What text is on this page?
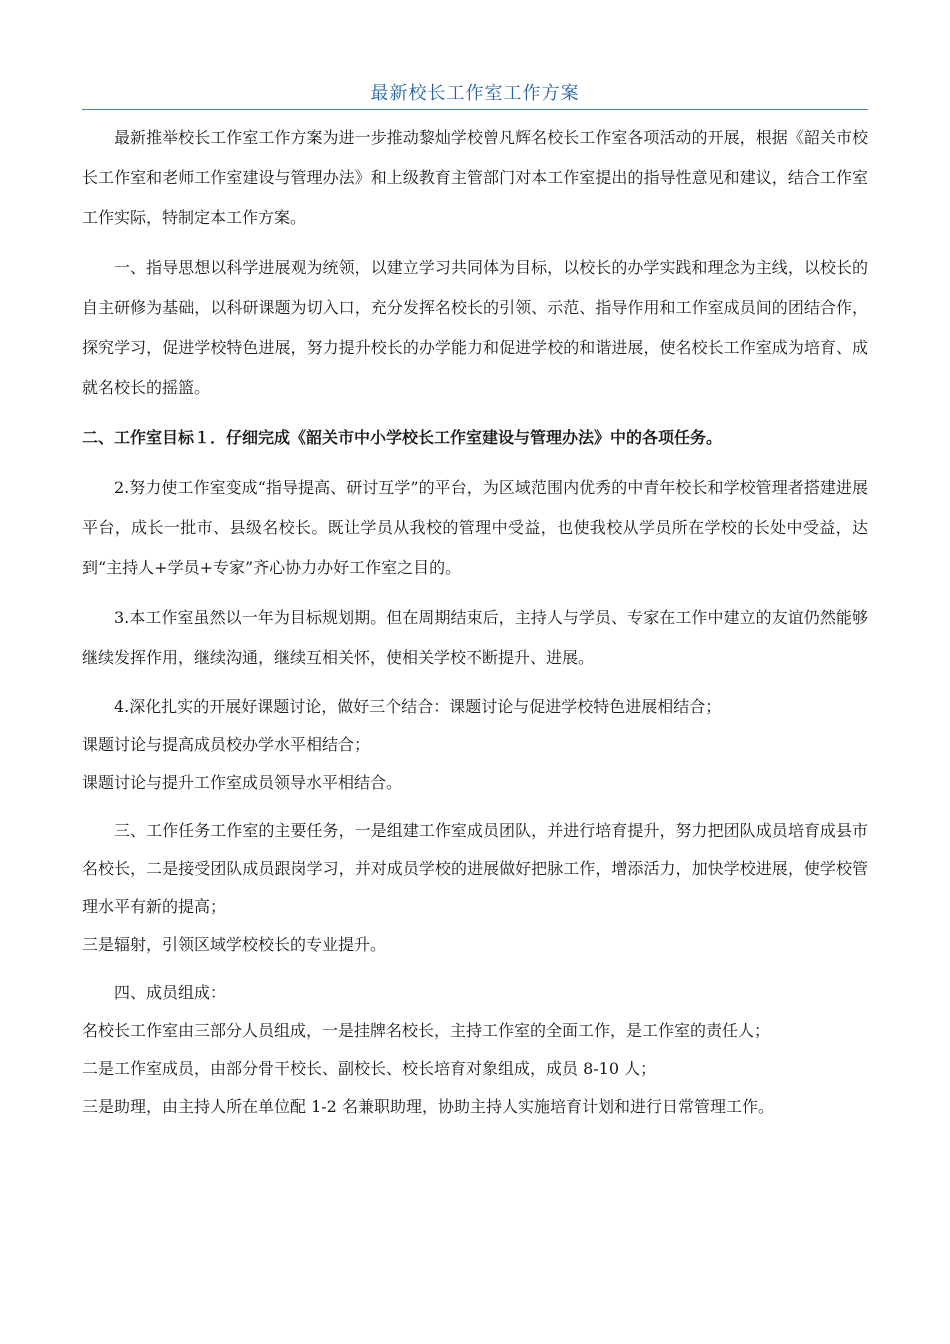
最新校长工作室工作方案

最新推举校长工作室工作方案为进一步推动黎灿学校曾凡辉名校长工作室各项活动的开展，根据《韶关市校长工作室和老师工作室建设与管理办法》和上级教育主管部门对本工作室提出的指导性意见和建议，结合工作室工作实际，特制定本工作方案。

一、指导思想以科学进展观为统领，以建立学习共同体为目标，以校长的办学实践和理念为主线，以校长的自主研修为基础，以科研课题为切入口，充分发挥名校长的引领、示范、指导作用和工作室成员间的团结合作，探究学习，促进学校特色进展，努力提升校长的办学能力和促进学校的和谐进展，使名校长工作室成为培育、成就名校长的摇篮。

二、工作室目标１．仔细完成《韶关市中小学校长工作室建设与管理办法》中的各项任务。

2.努力使工作室变成“指导提高、研讨互学”的平台，为区域范围内优秀的中青年校长和学校管理者搭建进展平台，成长一批市、县级名校长。既让学员从我校的管理中受益，也使我校从学员所在学校的长处中受益，达到“主持人+学员+专家”齐心协力办好工作室之目的。

3.本工作室虽然以一年为目标规划期。但在周期结束后，主持人与学员、专家在工作中建立的友谊仍然能够继续发挥作用，继续沟通，继续互相关怀，使相关学校不断提升、进展。

4.深化扎实的开展好课题讨论，做好三个结合：课题讨论与促进学校特色进展相结合；

课题讨论与提高成员校办学水平相结合；

课题讨论与提升工作室成员领导水平相结合。

三、工作任务工作室的主要任务，一是组建工作室成员团队，并进行培育提升，努力把团队成员培育成县市名校长，二是接受团队成员跟岗学习，并对成员学校的进展做好把脉工作，增添活力，加快学校进展，使学校管理水平有新的提高；

三是辐射，引领区域学校校长的专业提升。

四、成员组成：

名校长工作室由三部分人员组成，一是挂牌名校长，主持工作室的全面工作，是工作室的责任人；

二是工作室成员，由部分骨干校长、副校长、校长培育对象组成，成员 8-10 人；

三是助理，由主持人所在单位配 1-2 名兼职助理，协助主持人实施培育计划和进行日常管理工作。
